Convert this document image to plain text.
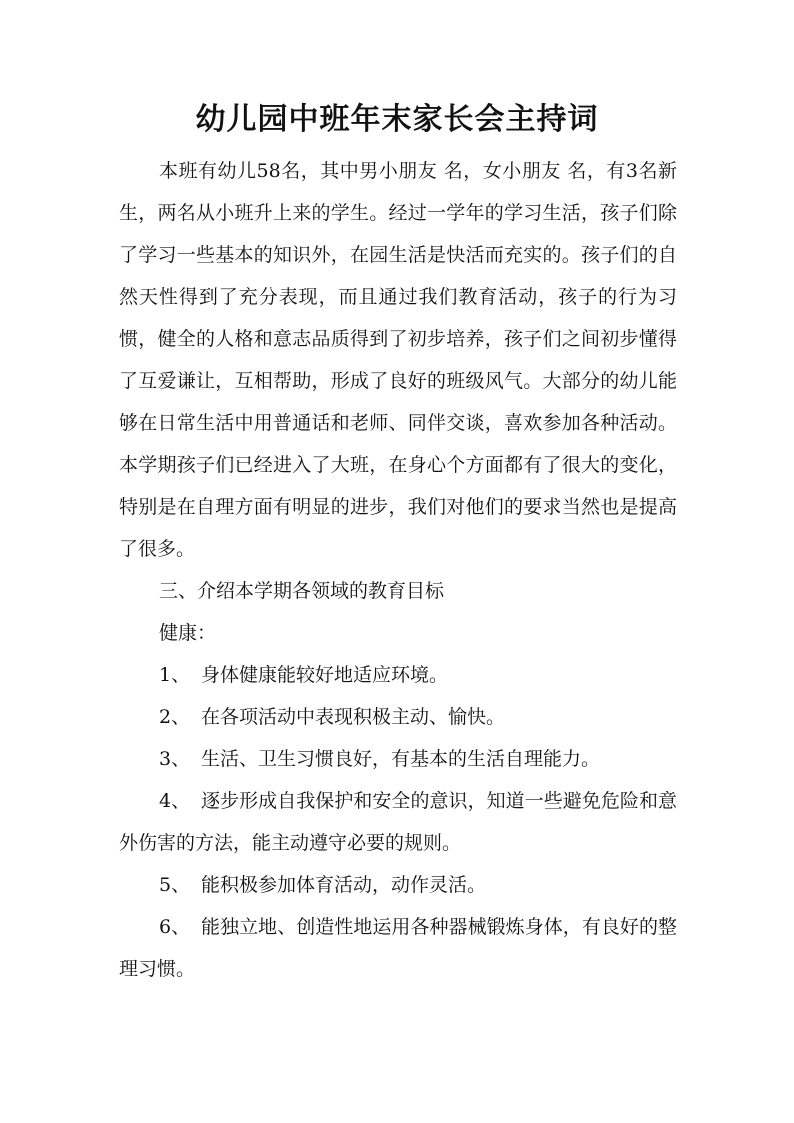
幼儿园中班年末家长会主持词

本班有幼儿58名，其中男小朋友 名，女小朋友 名，有3名新生，两名从小班升上来的学生。经过一学年的学习生活，孩子们除了学习一些基本的知识外，在园生活是快活而充实的。孩子们的自然天性得到了充分表现，而且通过我们教育活动，孩子的行为习惯，健全的人格和意志品质得到了初步培养，孩子们之间初步懂得了互爱谦让，互相帮助，形成了良好的班级风气。大部分的幼儿能够在日常生活中用普通话和老师、同伴交谈，喜欢参加各种活动。本学期孩子们已经进入了大班，在身心个方面都有了很大的变化，特别是在自理方面有明显的进步，我们对他们的要求当然也是提高了很多。

三、介绍本学期各领域的教育目标

健康：

1、 身体健康能较好地适应环境。

2、 在各项活动中表现积极主动、愉快。

3、 生活、卫生习惯良好，有基本的生活自理能力。

4、 逐步形成自我保护和安全的意识，知道一些避免危险和意外伤害的方法，能主动遵守必要的规则。

5、 能积极参加体育活动，动作灵活。

6、 能独立地、创造性地运用各种器械锻炼身体，有良好的整理习惯。
